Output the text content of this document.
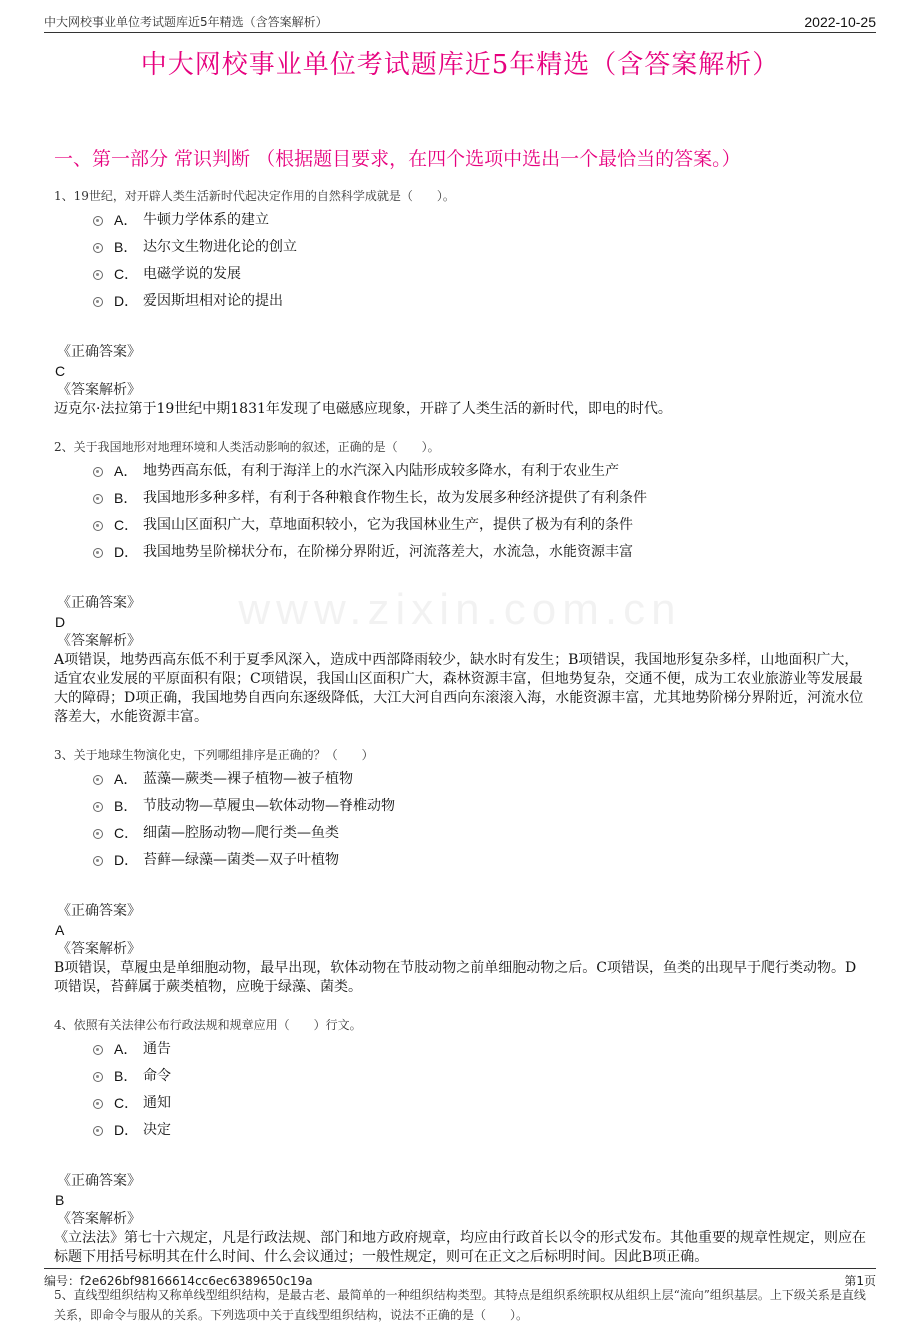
中大网校事业单位考试题库近5年精选（含答案解析）	2022-10-25
中大网校事业单位考试题库近5年精选（含答案解析）
一、第一部分 常识判断 （根据题目要求，在四个选项中选出一个最恰当的答案。）
www.zixin.com.cn
1、19世纪，对开辟人类生活新时代起决定作用的自然科学成就是（　　）。
A． 牛顿力学体系的建立
B． 达尔文生物进化论的创立
C． 电磁学说的发展
D． 爱因斯坦相对论的提出
《正确答案》
C
《答案解析》
迈克尔·法拉第于19世纪中期1831年发现了电磁感应现象，开辟了人类生活的新时代，即电的时代。
2、关于我国地形对地理环境和人类活动影响的叙述，正确的是（　　）。
A． 地势西高东低，有利于海洋上的水汽深入内陆形成较多降水，有利于农业生产
B． 我国地形多种多样，有利于各种粮食作物生长，故为发展多种经济提供了有利条件
C． 我国山区面积广大，草地面积较小，它为我国林业生产，提供了极为有利的条件
D． 我国地势呈阶梯状分布，在阶梯分界附近，河流落差大，水流急，水能资源丰富
《正确答案》
D
《答案解析》
A项错误，地势西高东低不利于夏季风深入，造成中西部降雨较少，缺水时有发生；B项错误，我国地形复杂多样，山地面积广大，适宜农业发展的平原面积有限；C项错误，我国山区面积广大，森林资源丰富，但地势复杂，交通不便，成为工农业旅游业等发展最大的障碍；D项正确，我国地势自西向东逐级降低，大江大河自西向东滚滚入海，水能资源丰富，尤其地势阶梯分界附近，河流水位落差大，水能资源丰富。
3、关于地球生物演化史，下列哪组排序是正确的？（　　）
A． 蓝藻—蕨类—裸子植物—被子植物
B． 节肢动物—草履虫—软体动物—脊椎动物
C． 细菌—腔肠动物—爬行类—鱼类
D． 苔藓—绿藻—菌类—双子叶植物
《正确答案》
A
《答案解析》
B项错误，草履虫是单细胞动物，最早出现，软体动物在节肢动物之前单细胞动物之后。C项错误，鱼类的出现早于爬行类动物。D项错误，苔藓属于蕨类植物，应晚于绿藻、菌类。
4、依照有关法律公布行政法规和规章应用（　　）行文。
A． 通告
B． 命令
C． 通知
D． 决定
《正确答案》
B
《答案解析》
《立法法》第七十六规定，凡是行政法规、部门和地方政府规章，均应由行政首长以令的形式发布。其他重要的规章性规定，则应在标题下用括号标明其在什么时间、什么会议通过；一般性规定，则可在正文之后标明时间。因此B项正确。
5、直线型组织结构又称单线型组织结构，是最古老、最简单的一种组织结构类型。其特点是组织系统职权从组织上层“流向”组织基层。上下级关系是直线关系，即命令与服从的关系。下列选项中关于直线型组织结构，说法不正确的是（　　）。
编号：f2e626bf98166614cc6ec6389650c19a	第1页
